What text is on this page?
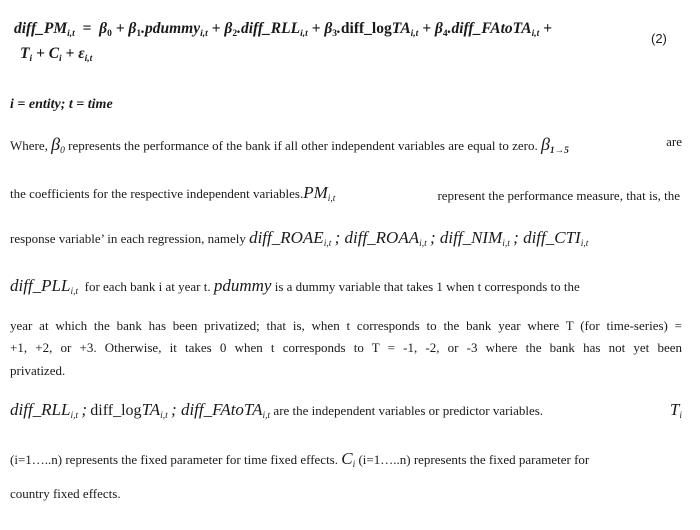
$diff\_PM_{i,t} = \beta_0$ + $\beta_1.pdummy_{i,t}$ + $\beta_2.diff\_RLL_{i,t}$ + $\beta_3.diff\_logTA_{i,t}$ + $\beta_4.diff\_FAtoTA_{i,t}$ +
(2)
$T_i + C_i + \varepsilon_{i,t}$
i = entity; t = time
Where, $\beta_0$ represents the performance of the bank if all other independent variables are equal to zero. $\beta_{1\to 5}$
are
the coefficients for the respective independent $variables.PM_{i,t}$	represent the performance measure, that is, the
response variable’ in each regression, namely $diff\_ROAE_{i,t}$ ; $diff\_ROAA_{i,t}$ ; $diff\_NIM_{i,t}$ ; $diff\_CTI_{i,t}$
$diff\_PLL_{i,t}$ for each bank i at year t. pdummy is a dummy variable that takes 1 when t corresponds to the
year at which the bank has been privatized; that is, when t corresponds to the bank year where T (for time-series) =
+1, +2, or +3. Otherwise, it takes 0 when t corresponds to T = -1, -2, or -3 where the bank has not yet been
privatized.
$diff\_RLL_{i,t}$ ; diff_logTA$_{i,t}$ ; diff_FAtoTA$_{i,t}$ are the independent variables or predictor variables.	$T_i$
(i=1…..n) represents the fixed parameter for time fixed effects. $C_i$ (i=1…..n) represents the fixed parameter for
country fixed effects.
